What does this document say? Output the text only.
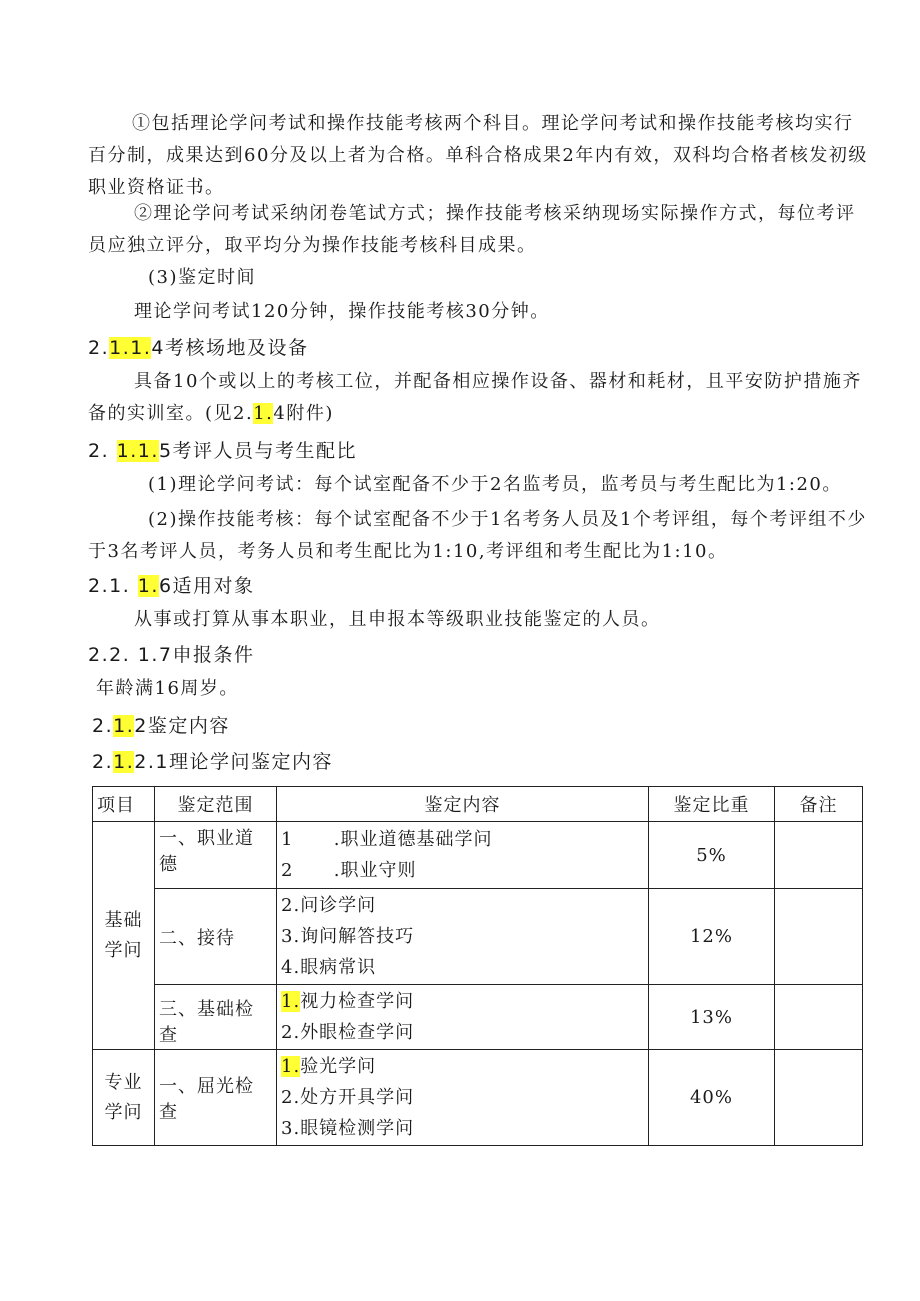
①包括理论学问考试和操作技能考核两个科目。理论学问考试和操作技能考核均实行百分制，成果达到60分及以上者为合格。单科合格成果2年内有效，双科均合格者核发初级职业资格证书。
②理论学问考试采纳闭卷笔试方式；操作技能考核采纳现场实际操作方式，每位考评员应独立评分，取平均分为操作技能考核科目成果。
(3)鉴定时间
理论学问考试120分钟，操作技能考核30分钟。
2.1.1.4考核场地及设备
具备10个或以上的考核工位，并配备相应操作设备、器材和耗材，且平安防护措施齐备的实训室。(见2.1.4附件)
2. 1.1.5考评人员与考生配比
(1)理论学问考试：每个试室配备不少于2名监考员，监考员与考生配比为1:20。
(2)操作技能考核：每个试室配备不少于1名考务人员及1个考评组，每个考评组不少于3名考评人员，考务人员和考生配比为1:10,考评组和考生配比为1:10。
2.1. 1.6适用对象
从事或打算从事本职业，且申报本等级职业技能鉴定的人员。
2.2. 1.7申报条件
年龄满16周岁。
2.1.2鉴定内容
2.1.2.1理论学问鉴定内容
项目	鉴定范围	鉴定内容	鉴定比重	备注
基础学问	一、职业道德	1      .职业道德基础学问
2      .职业守则	5%	
	二、接待	2.问诊学问
3.询问解答技巧
4.眼病常识	12%	
	三、基础检查	1.视力检查学问
2.外眼检查学问	13%	
专业学问	一、屈光检查	1.验光学问
2.处方开具学问
3.眼镜检测学问	40%	
